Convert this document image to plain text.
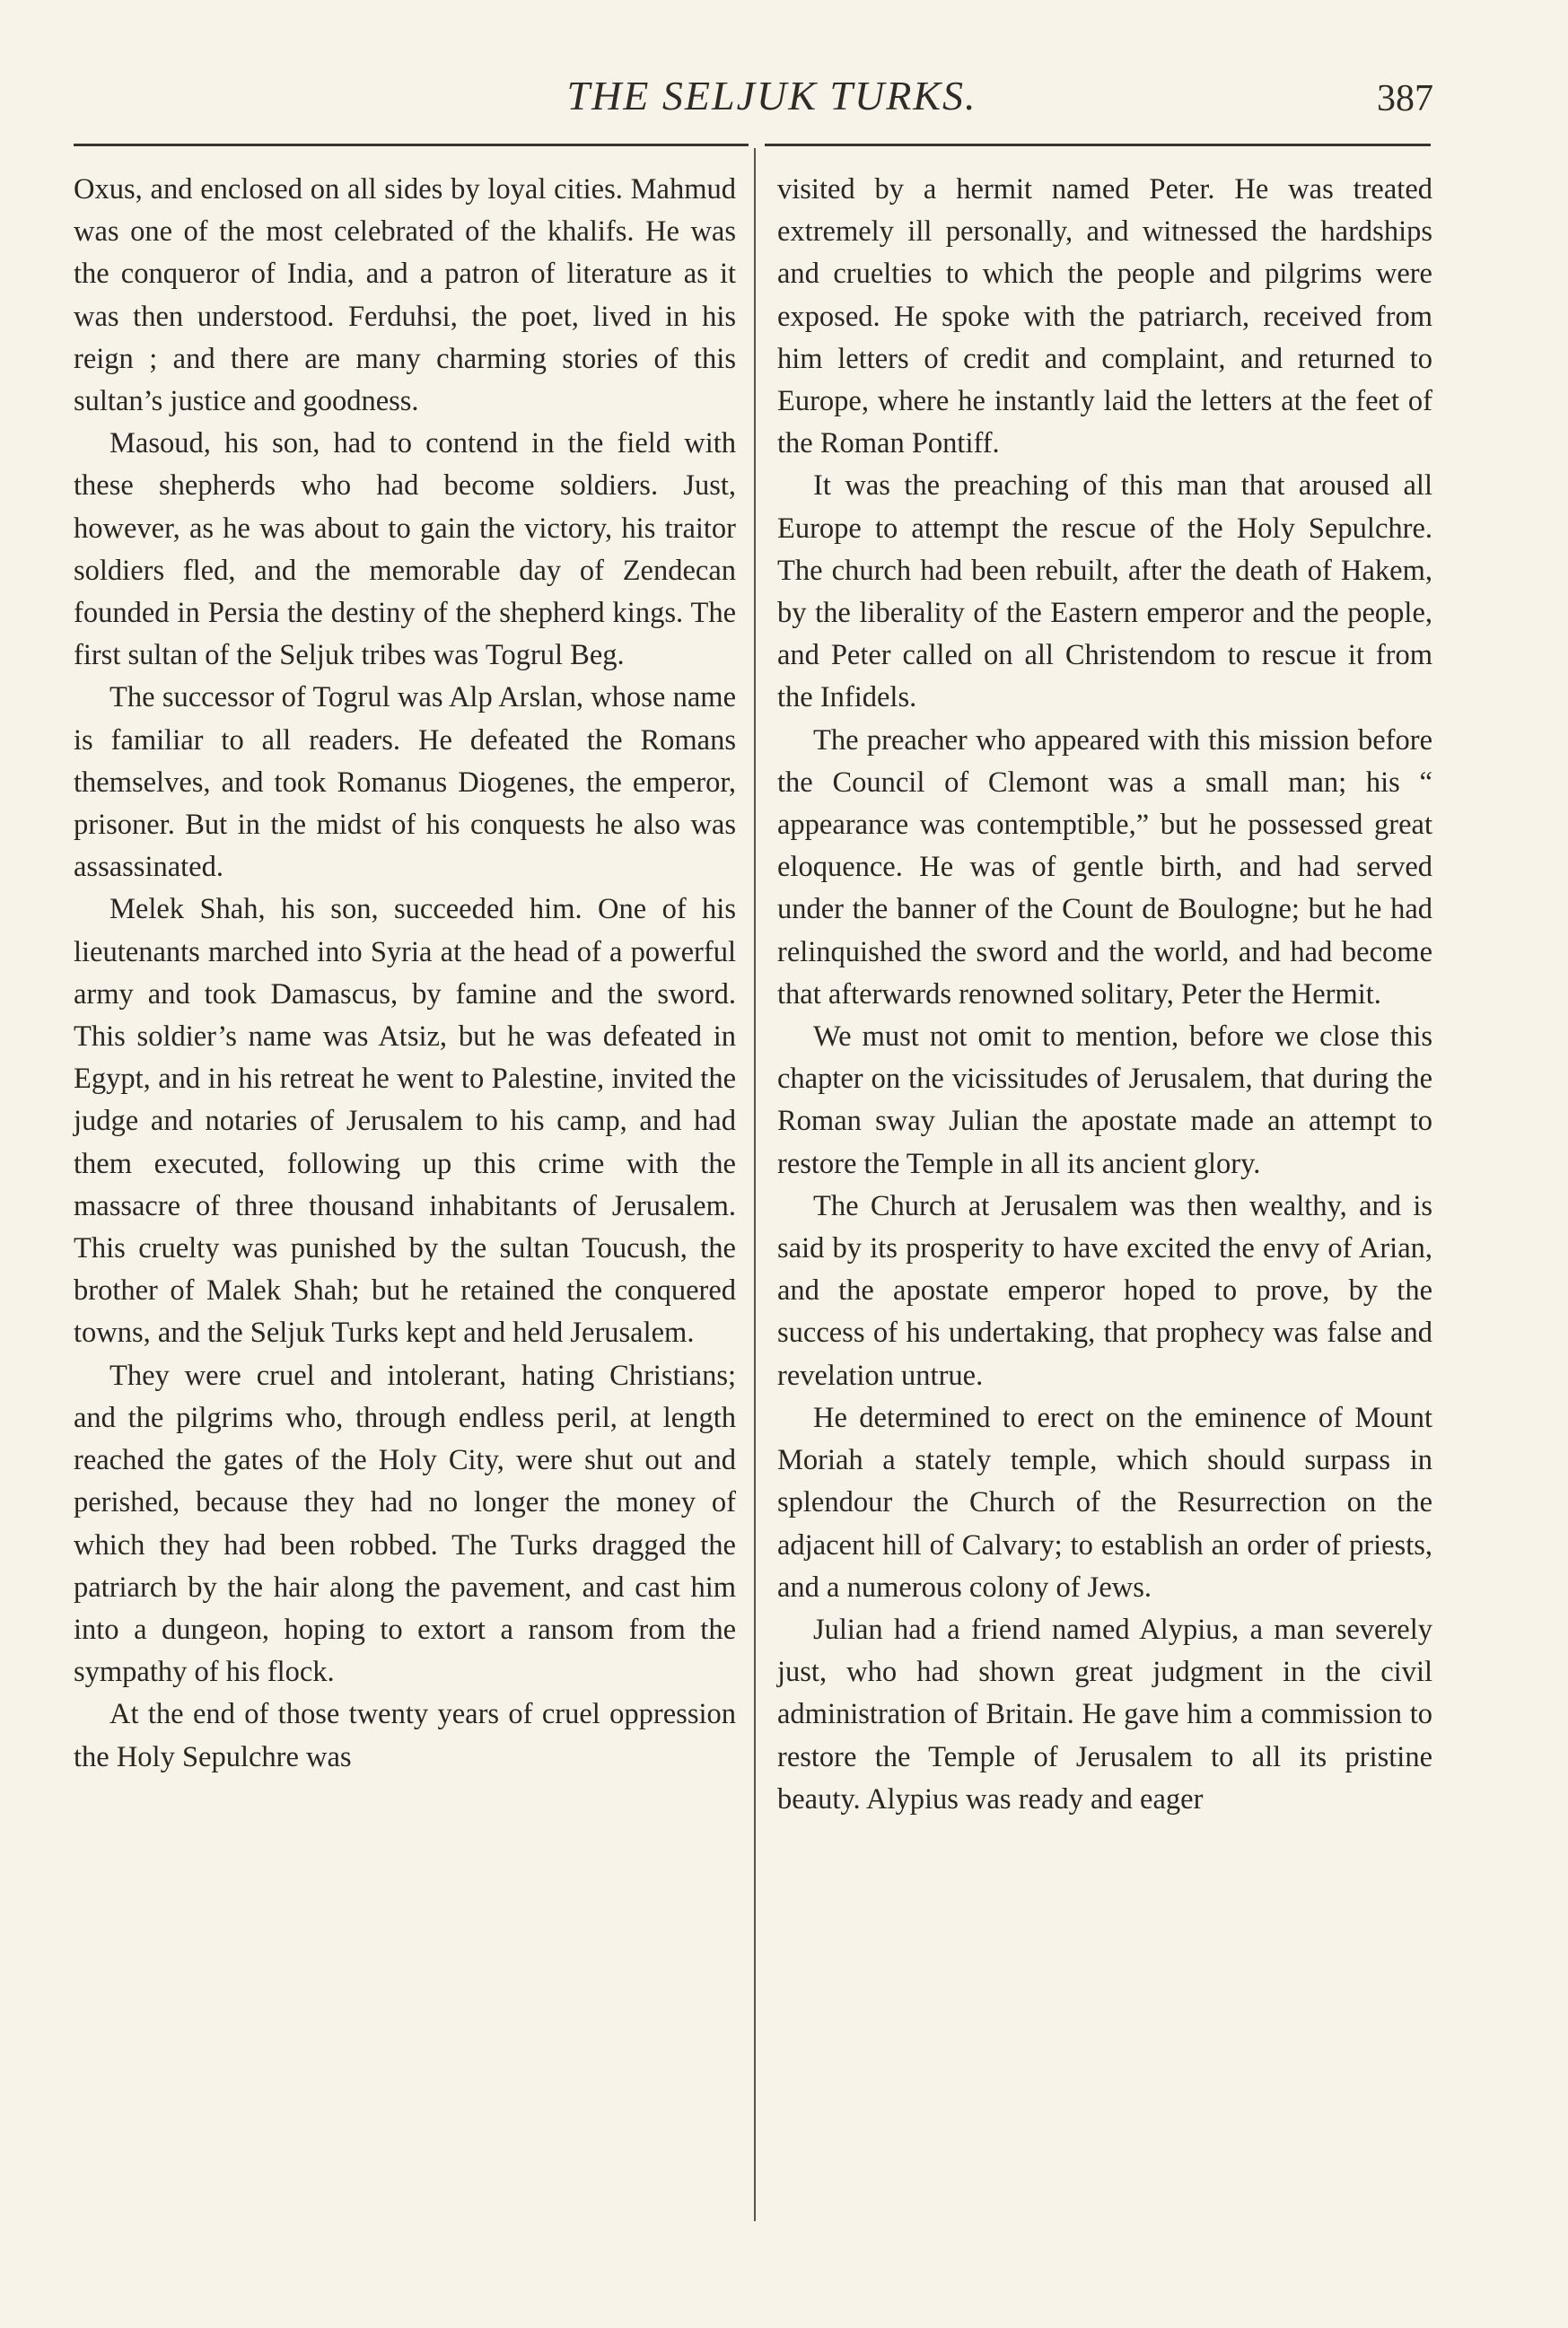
THE SELJUK TURKS.	387

Oxus, and enclosed on all sides by loyal cities. Mahmud was one of the most celebrated of the khalifs. He was the conqueror of India, and a patron of literature as it was then understood. Ferduhsi, the poet, lived in his reign ; and there are many charming stories of this sultan’s justice and goodness.

Masoud, his son, had to contend in the field with these shepherds who had become soldiers. Just, however, as he was about to gain the victory, his traitor soldiers fled, and the memorable day of Zendecan founded in Persia the destiny of the shepherd kings. The first sultan of the Seljuk tribes was Togrul Beg.

The successor of Togrul was Alp Arslan, whose name is familiar to all readers. He defeated the Romans themselves, and took Romanus Diogenes, the emperor, prisoner. But in the midst of his conquests he also was assassinated.

Melek Shah, his son, succeeded him. One of his lieutenants marched into Syria at the head of a powerful army and took Damascus, by famine and the sword. This soldier’s name was Atsiz, but he was defeated in Egypt, and in his retreat he went to Palestine, invited the judge and notaries of Jerusalem to his camp, and had them executed, following up this crime with the massacre of three thousand inhabitants of Jerusalem. This cruelty was punished by the sultan Toucush, the brother of Malek Shah; but he retained the conquered towns, and the Seljuk Turks kept and held Jerusalem.

They were cruel and intolerant, hating Christians; and the pilgrims who, through endless peril, at length reached the gates of the Holy City, were shut out and perished, because they had no longer the money of which they had been robbed. The Turks dragged the patriarch by the hair along the pavement, and cast him into a dungeon, hoping to extort a ransom from the sympathy of his flock.

At the end of those twenty years of cruel oppression the Holy Sepulchre was

visited by a hermit named Peter. He was treated extremely ill personally, and witnessed the hardships and cruelties to which the people and pilgrims were exposed. He spoke with the patriarch, received from him letters of credit and complaint, and returned to Europe, where he instantly laid the letters at the feet of the Roman Pontiff.

It was the preaching of this man that aroused all Europe to attempt the rescue of the Holy Sepulchre. The church had been rebuilt, after the death of Hakem, by the liberality of the Eastern emperor and the people, and Peter called on all Christendom to rescue it from the Infidels.

The preacher who appeared with this mission before the Council of Clemont was a small man; his “ appearance was contemptible,” but he possessed great eloquence. He was of gentle birth, and had served under the banner of the Count de Boulogne; but he had relinquished the sword and the world, and had become that afterwards renowned solitary, Peter the Hermit.

We must not omit to mention, before we close this chapter on the vicissitudes of Jerusalem, that during the Roman sway Julian the apostate made an attempt to restore the Temple in all its ancient glory.

The Church at Jerusalem was then wealthy, and is said by its prosperity to have excited the envy of Arian, and the apostate emperor hoped to prove, by the success of his undertaking, that prophecy was false and revelation untrue.

He determined to erect on the eminence of Mount Moriah a stately temple, which should surpass in splendour the Church of the Resurrection on the adjacent hill of Calvary; to establish an order of priests, and a numerous colony of Jews.

Julian had a friend named Alypius, a man severely just, who had shown great judgment in the civil administration of Britain. He gave him a commission to restore the Temple of Jerusalem to all its pristine beauty. Alypius was ready and eager
